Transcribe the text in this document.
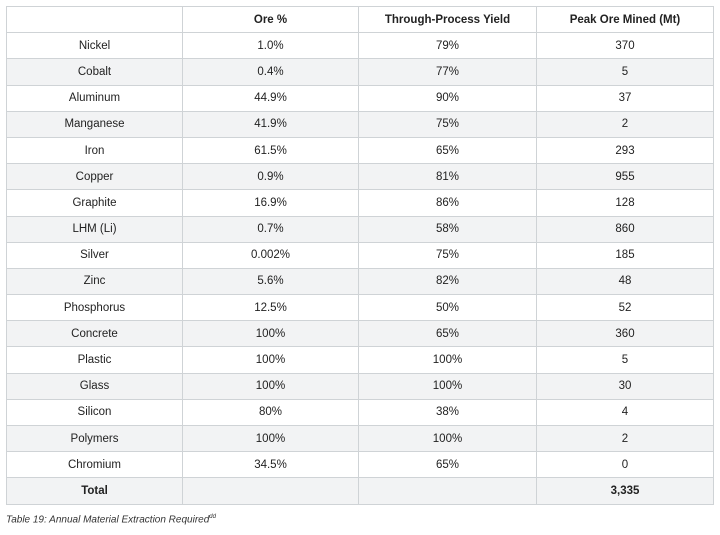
	Ore %	Through-Process Yield	Peak Ore Mined (Mt)
Nickel	1.0%	79%	370
Cobalt	0.4%	77%	5
Aluminum	44.9%	90%	37
Manganese	41.9%	75%	2
Iron	61.5%	65%	293
Copper	0.9%	81%	955
Graphite	16.9%	86%	128
LHM (Li)	0.7%	58%	860
Silver	0.002%	75%	185
Zinc	5.6%	82%	48
Phosphorus	12.5%	50%	52
Concrete	100%	65%	360
Plastic	100%	100%	5
Glass	100%	100%	30
Silicon	80%	38%	4
Polymers	100%	100%	2
Chromium	34.5%	65%	0
Total			3,335
Table 19: Annual Material Extraction Required$^{dd}$
